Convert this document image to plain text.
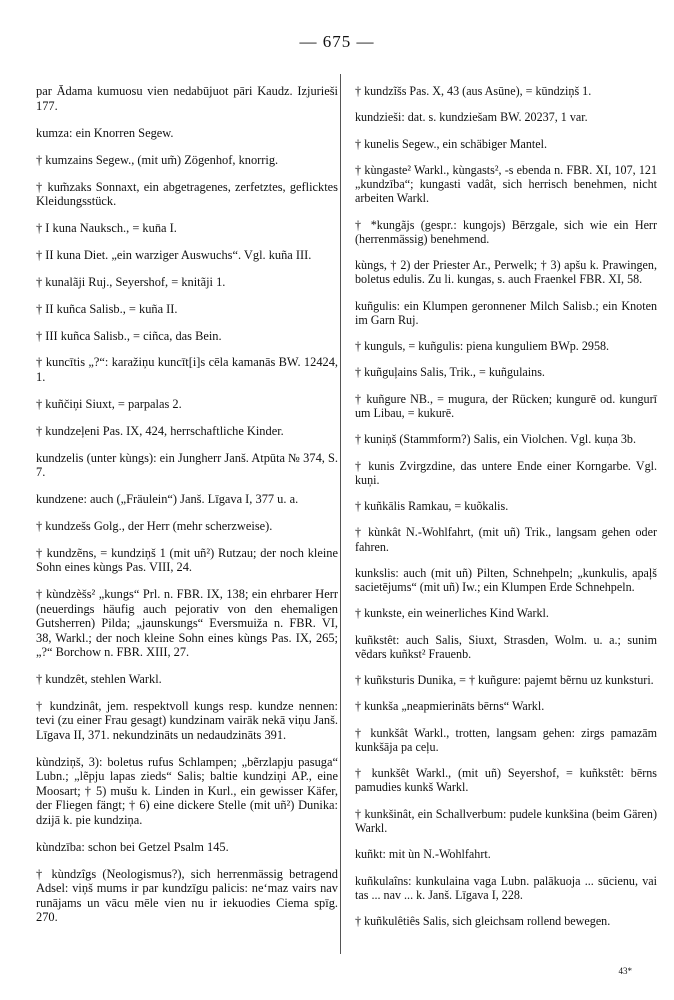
— 675 —

par Ādama kumuosu vien nedabūjuot pāri Kaudz. Izjurieši 177.

kumza: ein Knorren Segew.

† kumzains Segew., (mit um̃) Zögenhof, knorrig.

† kum̃zaks Sonnaxt, ein abgetragenes, zerfetztes, geflicktes Kleidungsstück.

† I kuna Nauksch., = kun̄a I.

† II kuna Diet. „ein warziger Auswuchs“. Vgl. kuña III.

† kunalãji Ruj., Seyershof, = knitãji 1.

† II kuñca Salisb., = kuña II.

† III kuñca Salisb., = ciñca, das Bein.

† kuncītis „?“: karažiņu kuncīt[i]s cēla kamanās BW. 12424, 1.

† kuñčiņi Siuxt, = parpalas 2.

† kundzeļeni Pas. IX, 424, herrschaftliche Kinder.

kundzelis (unter kùngs): ein Jungherr Janš. Atpūta № 374, S. 7.

kundzene: auch („Fräulein“) Janš. Līgava I, 377 u. a.

† kundzešs Golg., der Herr (mehr scherzweise).

† kundzẽns, = kundziņš 1 (mit uñ²) Rutzau; der noch kleine Sohn eines kùngs Pas. VIII, 24.

† kùndzèšs² „kungs“ Prl. n. FBR. IX, 138; ein ehrbarer Herr (neuerdings häufig auch pejorativ von den ehemaligen Gutsherren) Pilda; „jaunskungs“ Eversmuiža n. FBR. VI, 38, Warkl.; der noch kleine Sohn eines kùngs Pas. IX, 265; „?“ Borchow n. FBR. XIII, 27.

† kundzêt, stehlen Warkl.

† kundzinât, jem. respektvoll kungs resp. kundze nennen: tevi (zu einer Frau gesagt) kundzinam vairāk nekā viņu Janš. Līgava II, 371. nekundzināts un nedaudzināts 391.

kùndziņš, 3): boletus rufus Schlampen; „bẽrzlapju pasuga“ Lubn.; „lẽpju lapas zieds“ Salis; baltie kundziņi AP., eine Moosart; † 5) mušu k. Linden in Kurl., ein gewisser Käfer, der Fliegen fängt; † 6) eine dickere Stelle (mit uñ²) Dunika: dzijā k. pie kundziņa.

kùndzība: schon bei Getzel Psalm 145.

† kùndzîgs (Neologismus?), sich herrenmässig betragend Adsel: viņš mums ir par kundzīgu palicis: ne‘maz vairs nav runājams un vācu mēle vien nu ir iekuodies Ciema spīg. 270.

† kundzĩšs Pas. X, 43 (aus Asūne), = kūndziņš 1.

kundzieši: dat. s. kundziešam BW. 20237, 1 var.

† kunelis Segew., ein schäbiger Mantel.

† kùngaste² Warkl., kùngasts², -s ebenda n. FBR. XI, 107, 121 „kundzība“; kungasti vadât, sich herrisch benehmen, nicht arbeiten Warkl.

† *kungãjs (gespr.: kungojs) Bērzgale, sich wie ein Herr (herrenmässig) benehmend.

kùngs, † 2) der Priester Ar., Perwelk; † 3) apšu k. Prawingen, boletus edulis. Zu li. kungas, s. auch Fraenkel FBR. XI, 58.

kuñgulis: ein Klumpen geronnener Milch Salisb.; ein Knoten im Garn Ruj.

† kunguls, = kuñgulis: piena kunguliem BWp. 2958.

† kuñguļains Salis, Trik., = kuñgulains.

† kuñgure NB., = mugura, der Rücken; kungurē od. kungurī um Libau, = kukurē.

† kuniņš (Stammform?) Salis, ein Violchen. Vgl. kuņa 3b.

† kunis Zvirgzdine, das untere Ende einer Korngarbe. Vgl. kuņi.

† kuñkālis Ramkau, = kuõkalis.

† kùnkât N.-Wohlfahrt, (mit uñ) Trik., langsam gehen oder fahren.

kunkslis: auch (mit uñ) Pilten, Schnehpeln; „kunkulis, apaļš sacietējums“ (mit uñ) Iw.; ein Klumpen Erde Schnehpeln.

† kunkste, ein weinerliches Kind Warkl.

kuñkstêt: auch Salis, Siuxt, Strasden, Wolm. u. a.; sunim vẽdars kuñkst² Frauenb.

† kuñksturis Dunika, = † kuñgure: pajemt bẽrnu uz kunksturi.

† kunkša „neapmierināts bērns“ Warkl.

† kunkšât Warkl., trotten, langsam gehen: zirgs pamazām kunkšāja pa ceļu.

† kunkšêt Warkl., (mit uñ) Seyershof, = kuñkstêt: bērns pamudies kunkš Warkl.

† kunkšinât, ein Schallverbum: pudele kunkšina (beim Gären) Warkl.

kuñkt: mit ùn N.-Wohlfahrt.

kuñkulaîns: kunkulaina vaga Lubn. palākuoja ... sūcienu, vai tas ... nav ... k. Janš. Līgava I, 228.

† kuñkulêtiês Salis, sich gleichsam rollend bewegen.

43*
